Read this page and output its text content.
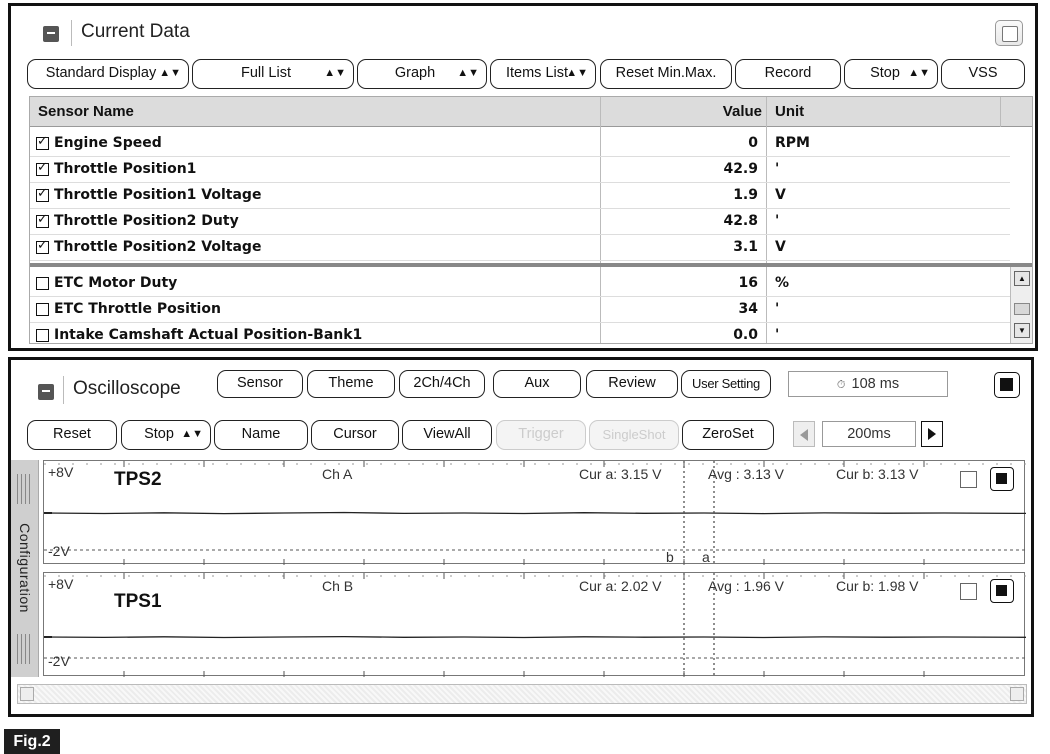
Current Data
Standard Display ▲▼	Full List	▲▼	Graph ▲▼	Items List
▲▼	Reset Min.Max.	Record	Stop ▲▼	VSS
Sensor Name	Value Unit
✓
Engine Speed	0 RPM
✓
Throttle Position1	42.9 '
✓
Throttle Position1 Voltage	1.9 V
✓
Throttle Position2 Duty	42.8 '
✓
Throttle Position2 Voltage	3.1 V
ETC Motor Duty	16 %
ETC Throttle Position	34 '
Intake Camshaft Actual Position-Bank1	0.0 '
▲
▼
Oscilloscope	Sensor	Theme	2Ch/4Ch	Aux	Review	User Setting	⏱ 108 ms
Reset	Stop ▲▼	Name	Cursor	ViewAll	Trigger	SingleShot	ZeroSet	200ms
Configuration
+8V
-2V
TPS2	Ch A	Cur a: 3.15 V	Avg : 3.13 V	Cur b: 3.13 V
b a
+8V
-2V
TPS1
Ch B	Cur a: 2.02 V	Avg : 1.96 V	Cur b: 1.98 V
Fig.2
